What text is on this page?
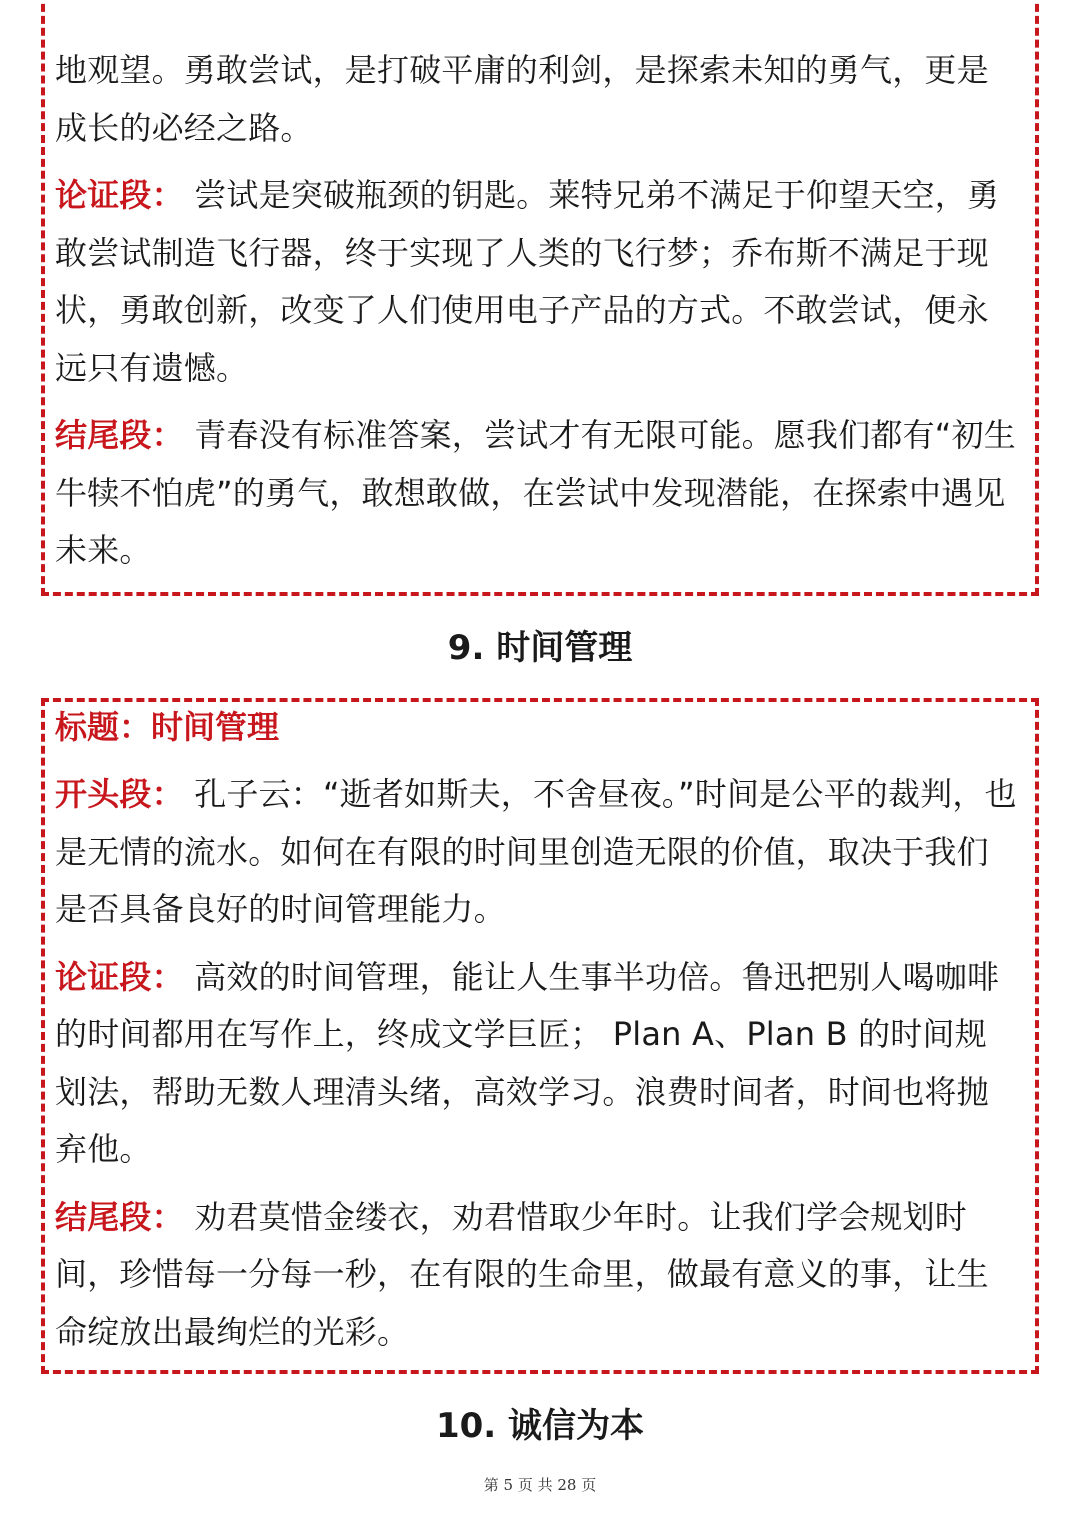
地观望。勇敢尝试，是打破平庸的利剑，是探索未知的勇气，更是成长的必经之路。

论证段： 尝试是突破瓶颈的钥匙。莱特兄弟不满足于仰望天空，勇敢尝试制造飞行器，终于实现了人类的飞行梦；乔布斯不满足于现状，勇敢创新，改变了人们使用电子产品的方式。不敢尝试，便永远只有遗憾。

结尾段： 青春没有标准答案，尝试才有无限可能。愿我们都有“初生牛犊不怕虎”的勇气，敢想敢做，在尝试中发现潜能，在探索中遇见未来。

9. 时间管理

标题：时间管理

开头段： 孔子云：“逝者如斯夫，不舍昼夜。”时间是公平的裁判，也是无情的流水。如何在有限的时间里创造无限的价值，取决于我们是否具备良好的时间管理能力。

论证段： 高效的时间管理，能让人生事半功倍。鲁迅把别人喝咖啡的时间都用在写作上，终成文学巨匠； Plan A、Plan B 的时间规划法，帮助无数人理清头绪，高效学习。浪费时间者，时间也将抛弃他。

结尾段： 劝君莫惜金缕衣，劝君惜取少年时。让我们学会规划时间，珍惜每一分每一秒，在有限的生命里，做最有意义的事，让生命绽放出最绚烂的光彩。

10. 诚信为本
第 5 页 共 28 页
